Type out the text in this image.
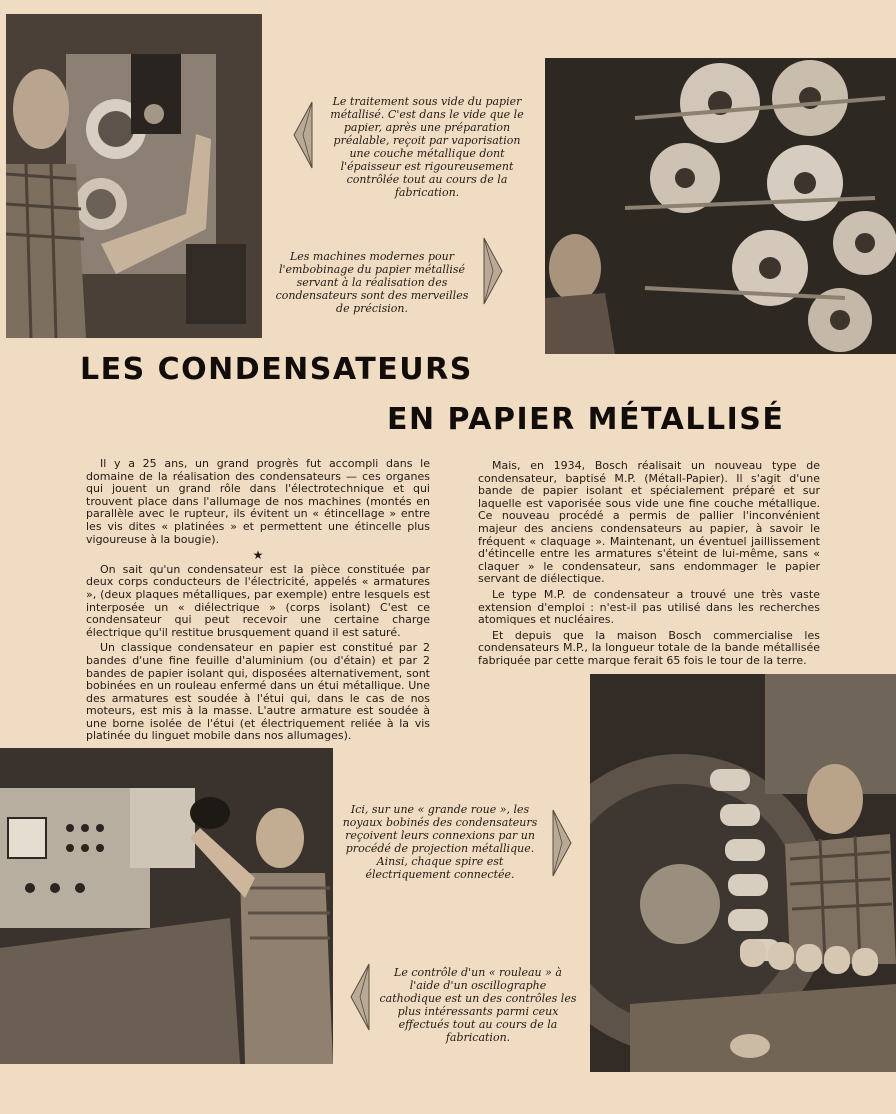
Le traitement sous vide du papier métallisé. C'est dans le vide que le papier, après une préparation préalable, reçoit par vaporisation une couche métallique dont l'épaisseur est rigoureusement contrôlée tout au cours de la fabrication.
Les machines modernes pour l'embobinage du papier métallisé servant à la réalisation des condensateurs sont des merveilles de précision.
LES CONDENSATEURS
EN PAPIER MÉTALLISÉ

Il y a 25 ans, un grand progrès fut accompli dans le domaine de la réalisation des condensateurs — ces organes qui jouent un grand rôle dans l'électrotechnique et qui trouvent place dans l'allumage de nos machines (montés en parallèle avec le rupteur, ils évitent un « étincellage » entre les vis dites « platinées » et permettent une étincelle plus vigoureuse à la bougie).

★

On sait qu'un condensateur est la pièce constituée par deux corps conducteurs de l'électricité, appelés « armatures », (deux plaques métalliques, par exemple) entre lesquels est interposée un « diélectrique » (corps isolant) C'est ce condensateur qui peut recevoir une certaine charge électrique qu'il restitue brusquement quand il est saturé.

Un classique condensateur en papier est constitué par 2 bandes d'une fine feuille d'aluminium (ou d'étain) et par 2 bandes de papier isolant qui, disposées alternativement, sont bobinées en un rouleau enfermé dans un étui métallique. Une des armatures est soudée à l'étui qui, dans le cas de nos moteurs, est mis à la masse. L'autre armature est soudée à une borne isolée de l'étui (et électriquement reliée à la vis platinée du linguet mobile dans nos allumages).

Mais, en 1934, Bosch réalisait un nouveau type de condensateur, baptisé M.P. (Métall-Papier). Il s'agit d'une bande de papier isolant et spécialement préparé et sur laquelle est vaporisée sous vide une fine couche métallique. Ce nouveau procédé a permis de pallier l'inconvénient majeur des anciens condensateurs au papier, à savoir le fréquent « claquage ». Maintenant, un éventuel jaillissement d'étincelle entre les armatures s'éteint de lui-même, sans « claquer » le condensateur, sans endommager le papier servant de diélectique.

Le type M.P. de condensateur a trouvé une très vaste extension d'emploi : n'est-il pas utilisé dans les recherches atomiques et nucléaires.

Et depuis que la maison Bosch commercialise les condensateurs M.P., la longueur totale de la bande métallisée fabriquée par cette marque ferait 65 fois le tour de la terre.

Ici, sur une « grande roue », les noyaux bobinés des condensateurs reçoivent leurs connexions par un procédé de projection métallique. Ainsi, chaque spire est électriquement connectée.
Le contrôle d'un « rouleau » à l'aide d'un oscillographe cathodique est un des contrôles les plus intéressants parmi ceux effectués tout au cours de la fabrication.
